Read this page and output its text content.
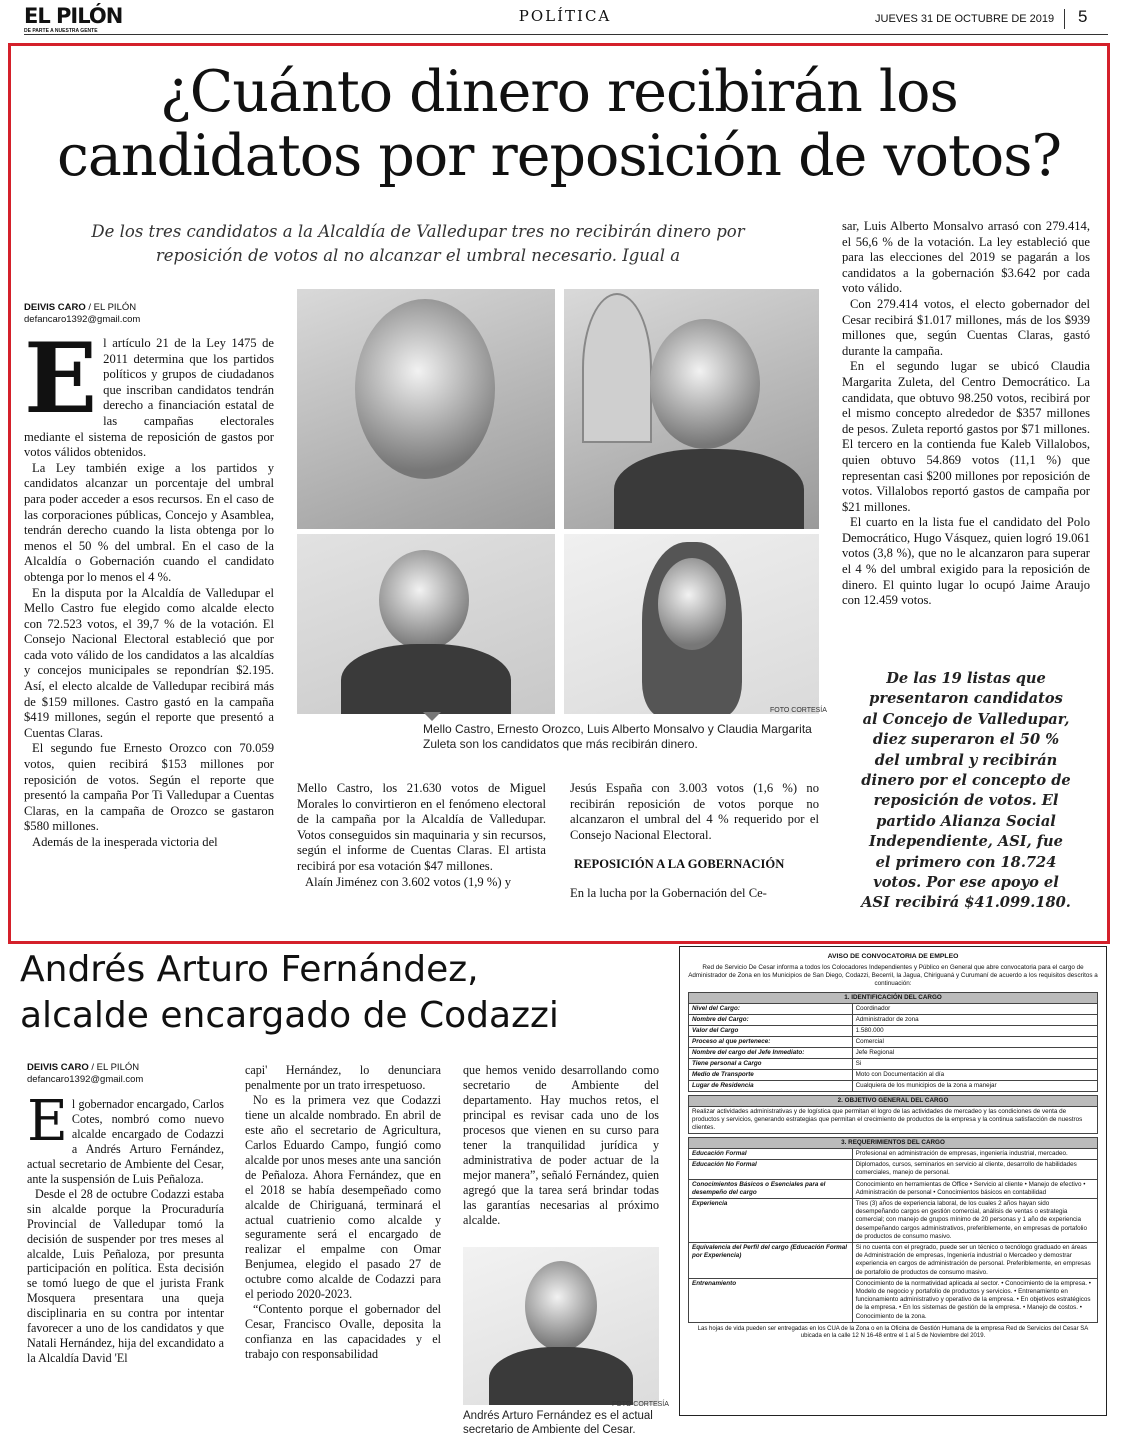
EL PILÓN
DE PARTE A NUESTRA GENTE
POLÍTICA	JUEVES 31 DE OCTUBRE DE 2019 5
¿Cuánto dinero recibirán los
candidatos por reposición de votos?
De los tres candidatos a la Alcaldía de Valledupar tres no recibirán dinero por
reposición de votos al no alcanzar el umbral necesario. Igual a
DEIVIS CARO / EL PILÓN
defancaro1392@gmail.com

El artículo 21 de la Ley 1475 de 2011 determina que los partidos políticos y grupos de ciudadanos que inscriban candidatos tendrán derecho a financiación estatal de las campañas electorales mediante el sistema de reposición de gastos por votos válidos obtenidos.

La Ley también exige a los partidos y candidatos alcanzar un porcentaje del umbral para poder acceder a esos recursos. En el caso de las corporaciones públicas, Concejo y Asamblea, tendrán derecho cuando la lista obtenga por lo menos el 50 % del umbral. En el caso de la Alcaldía o Gobernación cuando el candidato obtenga por lo menos el 4 %.

En la disputa por la Alcaldía de Valledupar el Mello Castro fue elegido como alcalde electo con 72.523 votos, el 39,7 % de la votación. El Consejo Nacional Electoral estableció que por cada voto válido de los candidatos a las alcaldías y concejos municipales se repondrían $2.195. Así, el electo alcalde de Valledupar recibirá más de $159 millones. Castro gastó en la campaña $419 millones, según el reporte que presentó a Cuentas Claras.

El segundo fue Ernesto Orozco con 70.059 votos, quien recibirá $153 millones por reposición de votos. Según el reporte que presentó la campaña Por Ti Valledupar a Cuentas Claras, en la campaña de Orozco se gastaron $580 millones.

Además de la inesperada victoria del

FOTO CORTESÍA
Mello Castro, Ernesto Orozco, Luis Alberto Monsalvo y Claudia Margarita Zuleta son los candidatos que más recibirán dinero.

Mello Castro, los 21.630 votos de Miguel Morales lo convirtieron en el fenómeno electoral de la campaña por la Alcaldía de Valledupar. Votos conseguidos sin maquinaria y sin recursos, según el informe de Cuentas Claras. El artista recibirá por esa votación $47 millones.

Alaín Jiménez con 3.602 votos (1,9 %) y

Jesús España con 3.003 votos (1,6 %) no recibirán reposición de votos porque no alcanzaron el umbral del 4 % requerido por el Consejo Nacional Electoral.

REPOSICIÓN A LA GOBERNACIÓN

En la lucha por la Gobernación del Ce-

sar, Luis Alberto Monsalvo arrasó con 279.414, el 56,6 % de la votación. La ley estableció que para las elecciones del 2019 se pagarán a los candidatos a la gobernación $3.642 por cada voto válido.

Con 279.414 votos, el electo gobernador del Cesar recibirá $1.017 millones, más de los $939 millones que, según Cuentas Claras, gastó durante la campaña.

En el segundo lugar se ubicó Claudia Margarita Zuleta, del Centro Democrático. La candidata, que obtuvo 98.250 votos, recibirá por el mismo concepto alrededor de $357 millones de pesos. Zuleta reportó gastos por $71 millones. El tercero en la contienda fue Kaleb Villalobos, quien obtuvo 54.869 votos (11,1 %) que representan casi $200 millones por reposición de votos. Villalobos reportó gastos de campaña por $21 millones.

El cuarto en la lista fue el candidato del Polo Democrático, Hugo Vásquez, quien logró 19.061 votos (3,8 %), que no le alcanzaron para superar el 4 % del umbral exigido para la reposición de dinero. El quinto lugar lo ocupó Jaime Araujo con 12.459 votos.

De las 19 listas que presentaron candidatos al Concejo de Valledupar, diez superaron el 50 % del umbral y recibirán dinero por el concepto de reposición de votos. El partido Alianza Social Independiente, ASI, fue el primero con 18.724 votos. Por ese apoyo el ASI recibirá $41.099.180.
Andrés Arturo Fernández,
alcalde encargado de Codazzi
DEIVIS CARO / EL PILÓN
defancaro1392@gmail.com

El gobernador encargado, Carlos Cotes, nombró como nuevo alcalde encargado de Codazzi a Andrés Arturo Fernández, actual secretario de Ambiente del Cesar, ante la suspensión de Luis Peñaloza.

Desde el 28 de octubre Codazzi estaba sin alcalde porque la Procuraduría Provincial de Valledupar tomó la decisión de suspender por tres meses al alcalde, Luis Peñaloza, por presunta participación en política. Esta decisión se tomó luego de que el jurista Frank Mosquera presentara una queja disciplinaria en su contra por intentar favorecer a uno de los candidatos y que Natali Hernández, hija del excandidato a la Alcaldía David 'El

capi' Hernández, lo denunciara penalmente por un trato irrespetuoso.

No es la primera vez que Codazzi tiene un alcalde nombrado. En abril de este año el secretario de Agricultura, Carlos Eduardo Campo, fungió como alcalde por unos meses ante una sanción de Peñaloza. Ahora Fernández, que en el 2018 se había desempeñado como alcalde de Chiriguaná, terminará el actual cuatrienio como alcalde y seguramente será el encargado de realizar el empalme con Omar Benjumea, elegido el pasado 27 de octubre como alcalde de Codazzi para el periodo 2020-2023.

“Contento porque el gobernador del Cesar, Francisco Ovalle, deposita la confianza en las capacidades y el trabajo con responsabilidad

que hemos venido desarrollando como secretario de Ambiente del departamento. Hay muchos retos, el principal es revisar cada uno de los procesos que vienen en su curso para tener la tranquilidad jurídica y administrativa de poder actuar de la mejor manera”, señaló Fernández, quien agregó que la tarea será brindar todas las garantías necesarias al próximo alcalde.

FOTO CORTESÍA
Andrés Arturo Fernández es el actual secretario de Ambiente del Cesar.
AVISO DE CONVOCATORIA DE EMPLEO
Red de Servicio De Cesar informa a todos los Colocadores Independientes y Público en General que abre convocatoria para el cargo de Administrador de Zona en los Municipios de San Diego, Codazzi, Becerril, la Jagua, Chiriguaná y Curumaní de acuerdo a los requisitos descritos a continuación:
1. IDENTIFICACIÓN DEL CARGO	
Nivel del Cargo:	Coordinador
Nombre del Cargo:	Administrador de zona
Valor del Cargo	1.580.000
Proceso al que pertenece:	Comercial
Nombre del cargo del Jefe Inmediato:	Jefe Regional
Tiene personal a Cargo	Si
Medio de Transporte	Moto con Documentación al día
Lugar de Residencia	Cualquiera de los municipios de la zona a manejar
2. OBJETIVO GENERAL DEL CARGO
Realizar actividades administrativas y de logística que permitan el logro de las actividades de mercadeo y las condiciones de venta de productos y servicios, generando estrategias que permitan el crecimiento de productos de la empresa y la continua satisfacción de nuestros clientes.
3. REQUERIMIENTOS DEL CARGO	
Educación Formal	Profesional en administración de empresas, ingeniería industrial, mercadeo.
Educación No Formal	Diplomados, cursos, seminarios en servicio al cliente, desarrollo de habilidades comerciales, manejo de personal.
Conocimientos Básicos o Esenciales para el desempeño del cargo	Conocimiento en herramientas de Office • Servicio al cliente • Manejo de efectivo • Administración de personal • Conocimientos básicos en contabilidad
Experiencia	Tres (3) años de experiencia laboral, de los cuales 2 años hayan sido desempeñando cargos en gestión comercial, análisis de ventas o estrategia comercial; con manejo de grupos mínimo de 20 personas y 1 año de experiencia desempeñando cargos administrativos, preferiblemente, en empresas de portafolio de productos de consumo masivo.
Equivalencia del Perfil del cargo (Educación Formal por Experiencia)	Si no cuenta con el pregrado, puede ser un técnico o tecnólogo graduado en áreas de Administración de empresas, Ingeniería industrial o Mercadeo y demostrar experiencia en cargos de administración de personal. Preferiblemente, en empresas de portafolio de productos de consumo masivo.
Entrenamiento	Conocimiento de la normatividad aplicada al sector. • Conocimiento de la empresa. • Modelo de negocio y portafolio de productos y servicios. • Entrenamiento en funcionamiento administrativo y operativo de la empresa. • En objetivos estratégicos de la empresa. • En los sistemas de gestión de la empresa. • Manejo de costos. • Conocimiento de la zona.
Las hojas de vida pueden ser entregadas en los CUA de la Zona o en la Oficina de Gestión Humana de la empresa Red de Servicios del Cesar SA ubicada en la calle 12 N 16-48 entre el 1 al 5 de Noviembre del 2019.
